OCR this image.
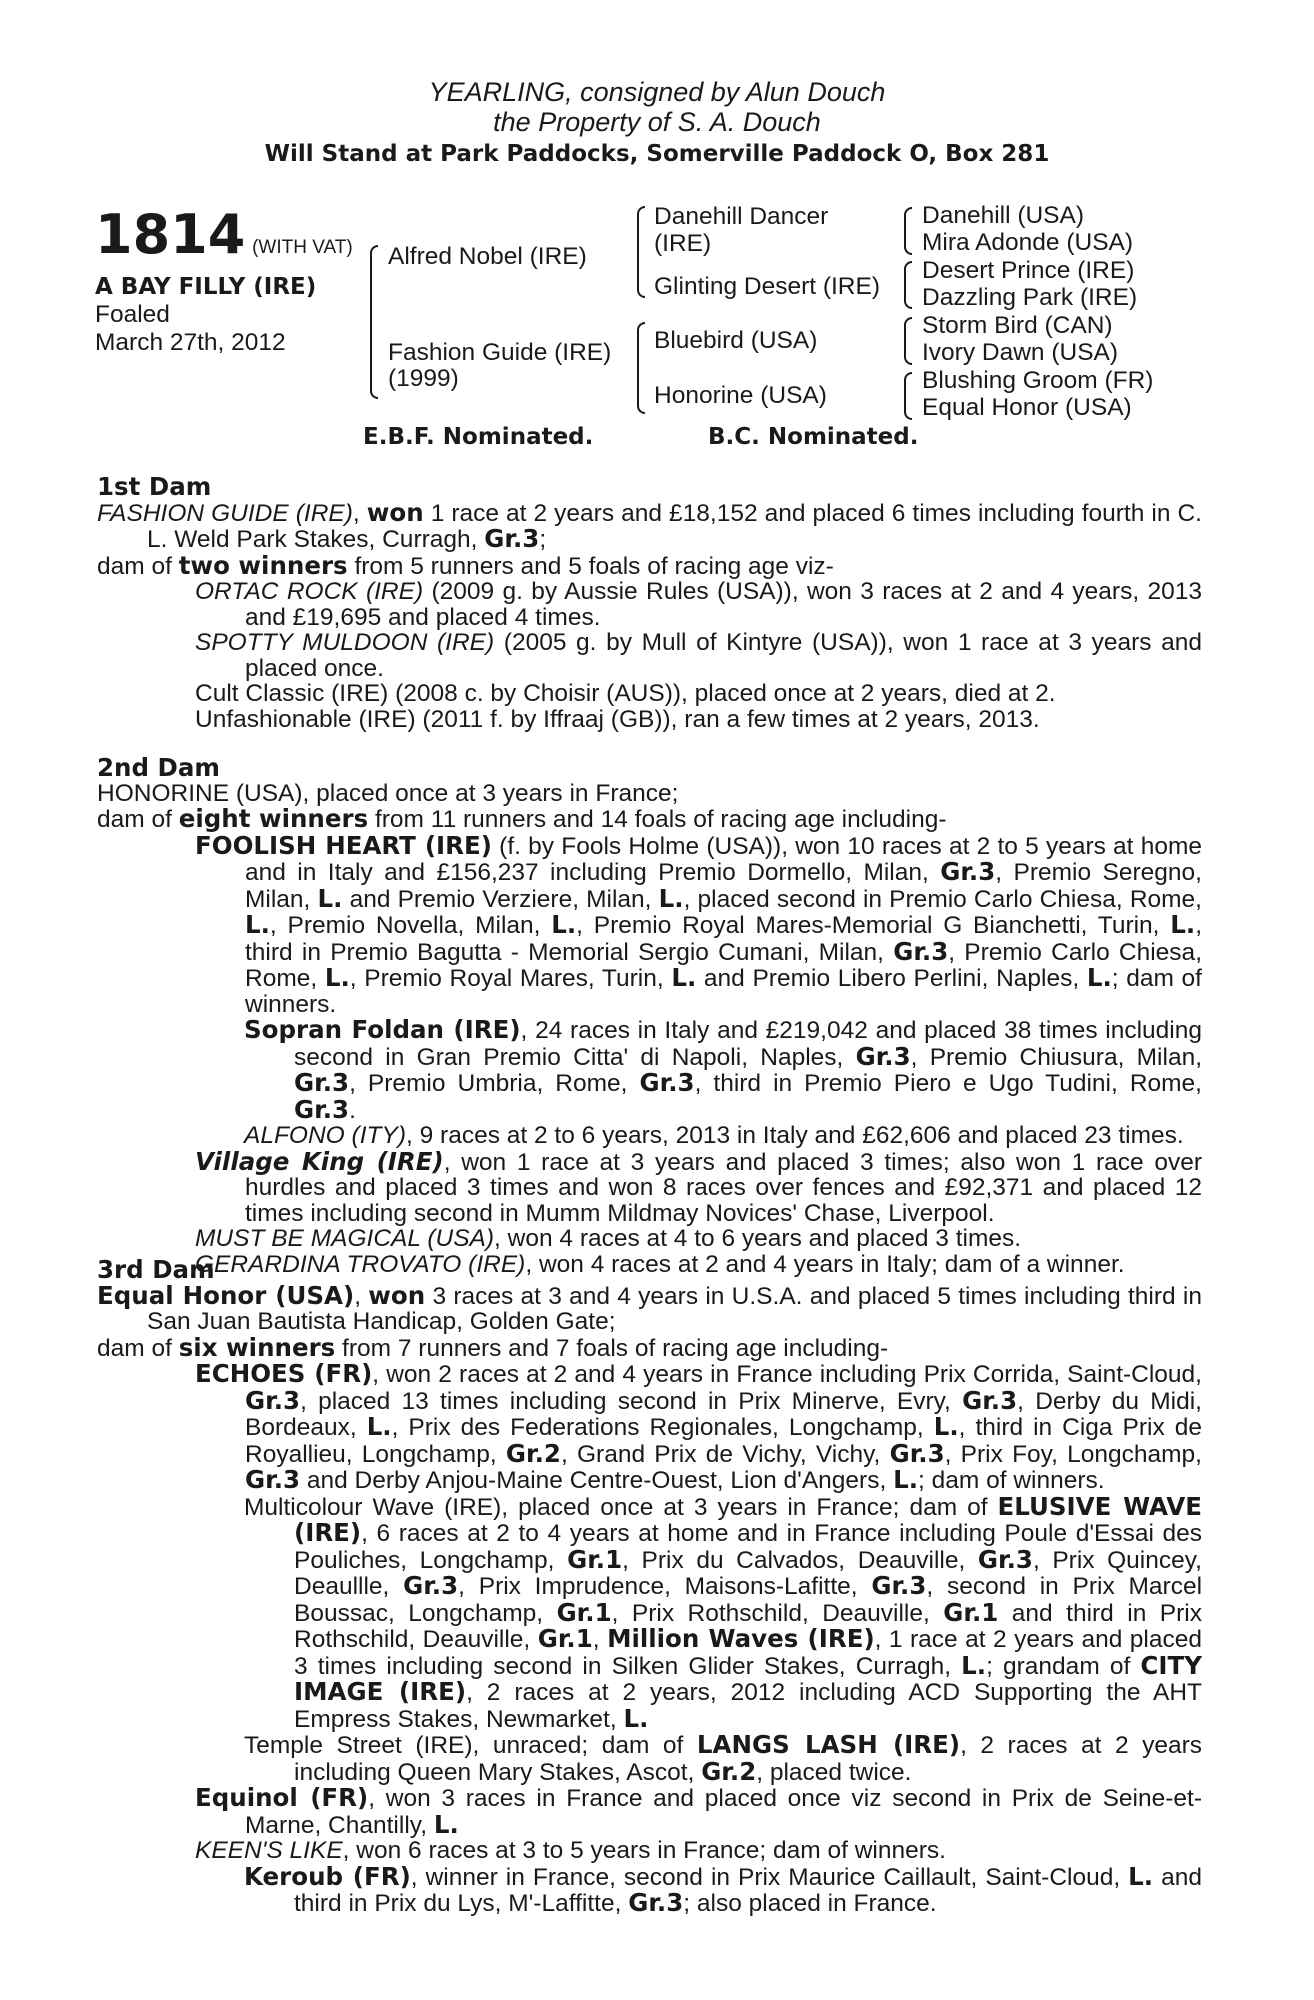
YEARLING, consigned by Alun Douch
the Property of S. A. Douch
Will Stand at Park Paddocks, Somerville Paddock O, Box 281
1814 (WITH VAT)
A BAY FILLY (IRE)
Foaled
March 27th, 2012
Alfred Nobel (IRE)
Fashion Guide (IRE)
(1999)
Danehill Dancer
(IRE)
Glinting Desert (IRE)
Bluebird (USA)
Honorine (USA)
Danehill (USA)
Mira Adonde (USA)
Desert Prince (IRE)
Dazzling Park (IRE)
Storm Bird (CAN)
Ivory Dawn (USA)
Blushing Groom (FR)
Equal Honor (USA)
E.B.F. Nominated.	B.C. Nominated.

1st Dam

FASHION GUIDE (IRE), won 1 race at 2 years and £18,152 and placed 6 times including fourth in C. L. Weld Park Stakes, Curragh, Gr.3;

dam of two winners from 5 runners and 5 foals of racing age viz-

ORTAC ROCK (IRE) (2009 g. by Aussie Rules (USA)), won 3 races at 2 and 4 years, 2013 and £19,695 and placed 4 times.

SPOTTY MULDOON (IRE) (2005 g. by Mull of Kintyre (USA)), won 1 race at 3 years and placed once.

Cult Classic (IRE) (2008 c. by Choisir (AUS)), placed once at 2 years, died at 2.

Unfashionable (IRE) (2011 f. by Iffraaj (GB)), ran a few times at 2 years, 2013.

2nd Dam

HONORINE (USA), placed once at 3 years in France;

dam of eight winners from 11 runners and 14 foals of racing age including-

FOOLISH HEART (IRE) (f. by Fools Holme (USA)), won 10 races at 2 to 5 years at home and in Italy and £156,237 including Premio Dormello, Milan, Gr.3, Premio Seregno, Milan, L. and Premio Verziere, Milan, L., placed second in Premio Carlo Chiesa, Rome, L., Premio Novella, Milan, L., Premio Royal Mares-Memorial G Bianchetti, Turin, L., third in Premio Bagutta - Memorial Sergio Cumani, Milan, Gr.3, Premio Carlo Chiesa, Rome, L., Premio Royal Mares, Turin, L. and Premio Libero Perlini, Naples, L.; dam of winners.

Sopran Foldan (IRE), 24 races in Italy and £219,042 and placed 38 times including second in Gran Premio Citta' di Napoli, Naples, Gr.3, Premio Chiusura, Milan, Gr.3, Premio Umbria, Rome, Gr.3, third in Premio Piero e Ugo Tudini, Rome, Gr.3.

ALFONO (ITY), 9 races at 2 to 6 years, 2013 in Italy and £62,606 and placed 23 times.

Village King (IRE), won 1 race at 3 years and placed 3 times; also won 1 race over hurdles and placed 3 times and won 8 races over fences and £92,371 and placed 12 times including second in Mumm Mildmay Novices' Chase, Liverpool.

MUST BE MAGICAL (USA), won 4 races at 4 to 6 years and placed 3 times.

GERARDINA TROVATO (IRE), won 4 races at 2 and 4 years in Italy; dam of a winner.

3rd Dam

Equal Honor (USA), won 3 races at 3 and 4 years in U.S.A. and placed 5 times including third in San Juan Bautista Handicap, Golden Gate;

dam of six winners from 7 runners and 7 foals of racing age including-

ECHOES (FR), won 2 races at 2 and 4 years in France including Prix Corrida, Saint-Cloud, Gr.3, placed 13 times including second in Prix Minerve, Evry, Gr.3, Derby du Midi, Bordeaux, L., Prix des Federations Regionales, Longchamp, L., third in Ciga Prix de Royallieu, Longchamp, Gr.2, Grand Prix de Vichy, Vichy, Gr.3, Prix Foy, Longchamp, Gr.3 and Derby Anjou-Maine Centre-Ouest, Lion d'Angers, L.; dam of winners.

Multicolour Wave (IRE), placed once at 3 years in France; dam of ELUSIVE WAVE (IRE), 6 races at 2 to 4 years at home and in France including Poule d'Essai des Pouliches, Longchamp, Gr.1, Prix du Calvados, Deauville, Gr.3, Prix Quincey, Deaullle, Gr.3, Prix Imprudence, Maisons-Lafitte, Gr.3, second in Prix Marcel Boussac, Longchamp, Gr.1, Prix Rothschild, Deauville, Gr.1 and third in Prix Rothschild, Deauville, Gr.1, Million Waves (IRE), 1 race at 2 years and placed 3 times including second in Silken Glider Stakes, Curragh, L.; grandam of CITY IMAGE (IRE), 2 races at 2 years, 2012 including ACD Supporting the AHT Empress Stakes, Newmarket, L.

Temple Street (IRE), unraced; dam of LANGS LASH (IRE), 2 races at 2 years including Queen Mary Stakes, Ascot, Gr.2, placed twice.

Equinol (FR), won 3 races in France and placed once viz second in Prix de Seine-et-Marne, Chantilly, L.

KEEN'S LIKE, won 6 races at 3 to 5 years in France; dam of winners.

Keroub (FR), winner in France, second in Prix Maurice Caillault, Saint-Cloud, L. and third in Prix du Lys, M'-Laffitte, Gr.3; also placed in France.
